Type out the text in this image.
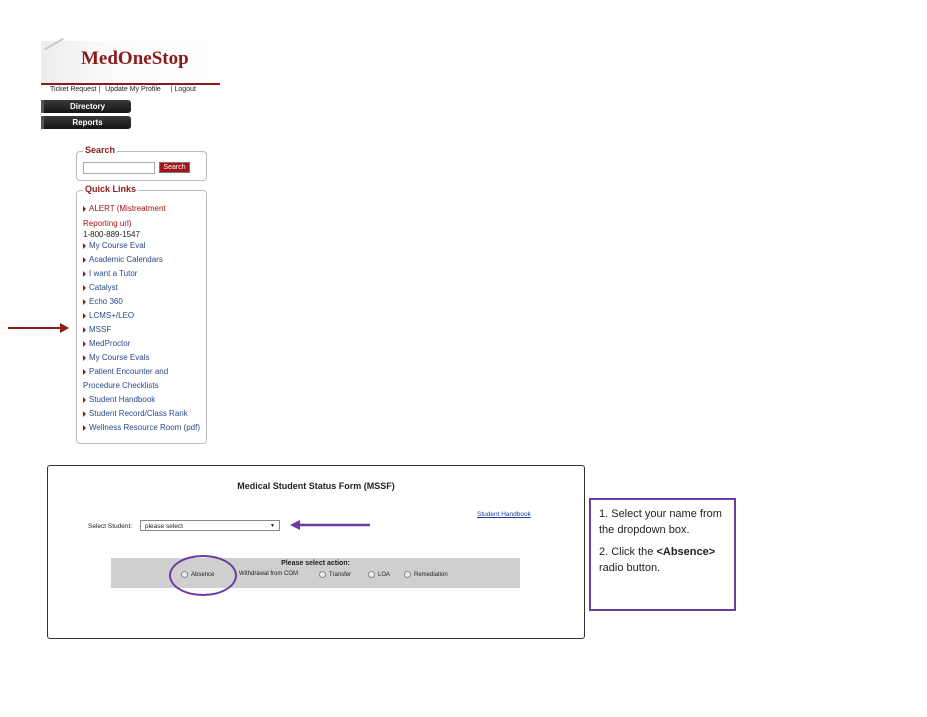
MedOneStop
Ticket Request | Update My Profile | Logout
Directory
Reports
Search
Search
Quick Links
ALERT (Mistreatment
Reporting url)
1-800-889-1547
My Course Eval
Academic Calendars
I want a Tutor
Catalyst
Echo 360
LCMS+/LEO
MSSF
MedProctor
My Course Evals
Patient Encounter and
Procedure Checklists
Student Handbook
Student Record/Class Rank
Wellness Resource Room (pdf)
Medical Student Status Form (MSSF)
Student Handbook
Select Student:	please select	▼
Please select action:
Absence	Withdrawal from COM	Transfer	LOA	Remediation
1. Select your name from the dropdown box.
2. Click the <Absence> radio button.
